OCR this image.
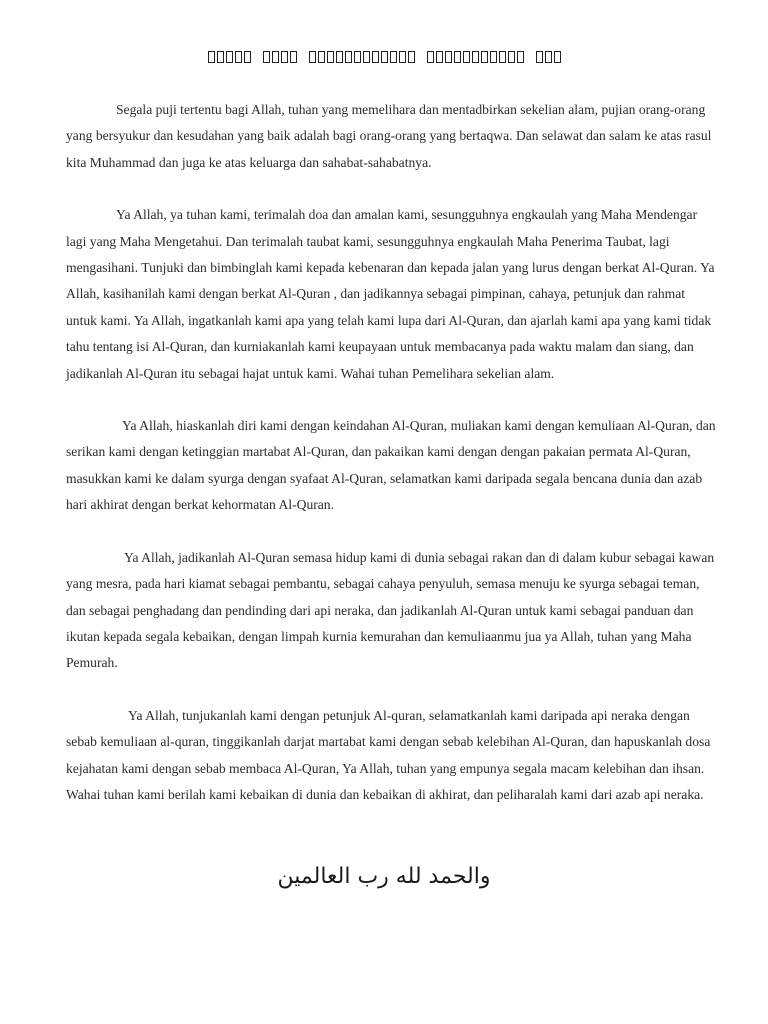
Segala puji tertentu bagi Allah, tuhan yang memelihara dan mentadbirkan sekelian alam, pujian orang-orang yang bersyukur dan kesudahan yang baik adalah bagi orang-orang yang bertaqwa. Dan selawat dan salam ke atas rasul kita Muhammad dan juga ke atas keluarga dan sahabat-sahabatnya.

Ya Allah, ya tuhan kami, terimalah doa dan amalan kami, sesungguhnya engkaulah yang Maha Mendengar lagi yang Maha Mengetahui. Dan terimalah taubat kami, sesungguhnya engkaulah Maha Penerima Taubat, lagi mengasihani. Tunjuki dan bimbinglah kami kepada kebenaran dan kepada jalan yang lurus dengan berkat Al-Quran. Ya Allah, kasihanilah kami dengan berkat Al-Quran , dan jadikannya sebagai pimpinan, cahaya, petunjuk dan rahmat untuk kami. Ya Allah, ingatkanlah kami apa yang telah kami lupa dari Al-Quran, dan ajarlah kami apa yang kami tidak tahu tentang isi Al-Quran, dan kurniakanlah kami keupayaan untuk membacanya pada waktu malam dan siang, dan jadikanlah Al-Quran itu sebagai hajat untuk kami. Wahai tuhan Pemelihara sekelian alam.

Ya Allah, hiaskanlah diri kami dengan keindahan Al-Quran, muliakan kami dengan kemuliaan Al-Quran, dan serikan kami dengan ketinggian martabat Al-Quran, dan pakaikan kami dengan dengan pakaian permata Al-Quran, masukkan kami ke dalam syurga dengan syafaat Al-Quran, selamatkan kami daripada segala bencana dunia dan azab hari akhirat dengan berkat kehormatan Al-Quran.

Ya Allah, jadikanlah Al-Quran semasa hidup kami di dunia sebagai rakan dan di dalam kubur sebagai kawan yang mesra, pada hari kiamat sebagai pembantu, sebagai cahaya penyuluh, semasa menuju ke syurga sebagai teman, dan sebagai penghadang dan pendinding dari api neraka, dan jadikanlah Al-Quran untuk kami sebagai panduan dan ikutan kepada segala kebaikan, dengan limpah kurnia kemurahan dan kemuliaanmu jua ya Allah, tuhan yang Maha Pemurah.

Ya Allah, tunjukanlah kami dengan petunjuk Al-quran, selamatkanlah kami daripada api neraka dengan sebab kemuliaan al-quran, tinggikanlah darjat martabat kami dengan sebab kelebihan Al-Quran, dan hapuskanlah dosa kejahatan kami dengan sebab membaca Al-Quran, Ya Allah, tuhan yang empunya segala macam kelebihan dan ihsan. Wahai tuhan kami berilah kami kebaikan di dunia dan kebaikan di akhirat, dan peliharalah kami dari azab api neraka.

والحمد لله رب العالمين
